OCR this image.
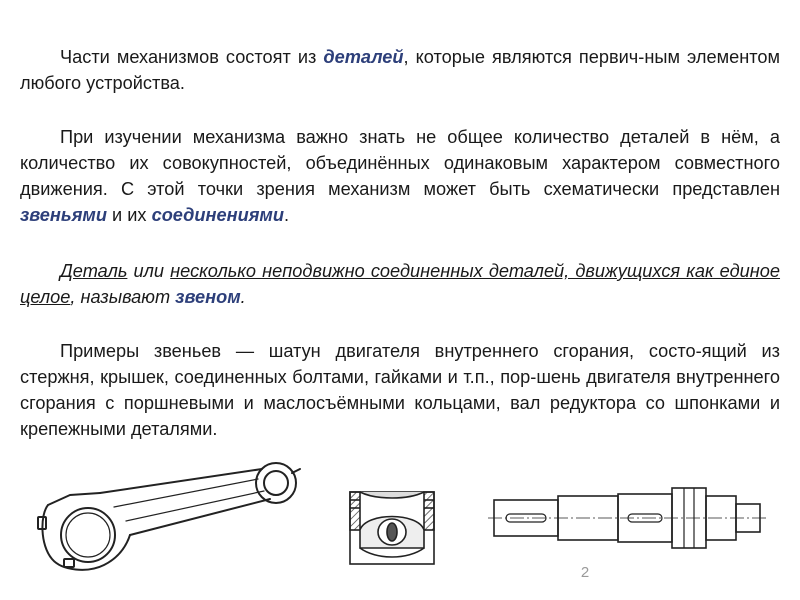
Части механизмов состоят из деталей, которые являются первич-ным элементом любого устройства.
При изучении механизма важно знать не общее количество деталей в нём, а количество их совокупностей, объединённых одинаковым характером совместного движения. С этой точки зрения механизм может быть схематически представлен звеньями и их соединениями.
Деталь или несколько неподвижно соединенных деталей, движущихся как единое целое, называют звеном.
Примеры звеньев — шатун двигателя внутреннего сгорания, состо-ящий из стержня, крышек, соединенных болтами, гайками и т.п., пор-шень двигателя внутреннего сгорания с поршневыми и маслосъёмными кольцами, вал редуктора со шпонками и крепежными деталями.
2
